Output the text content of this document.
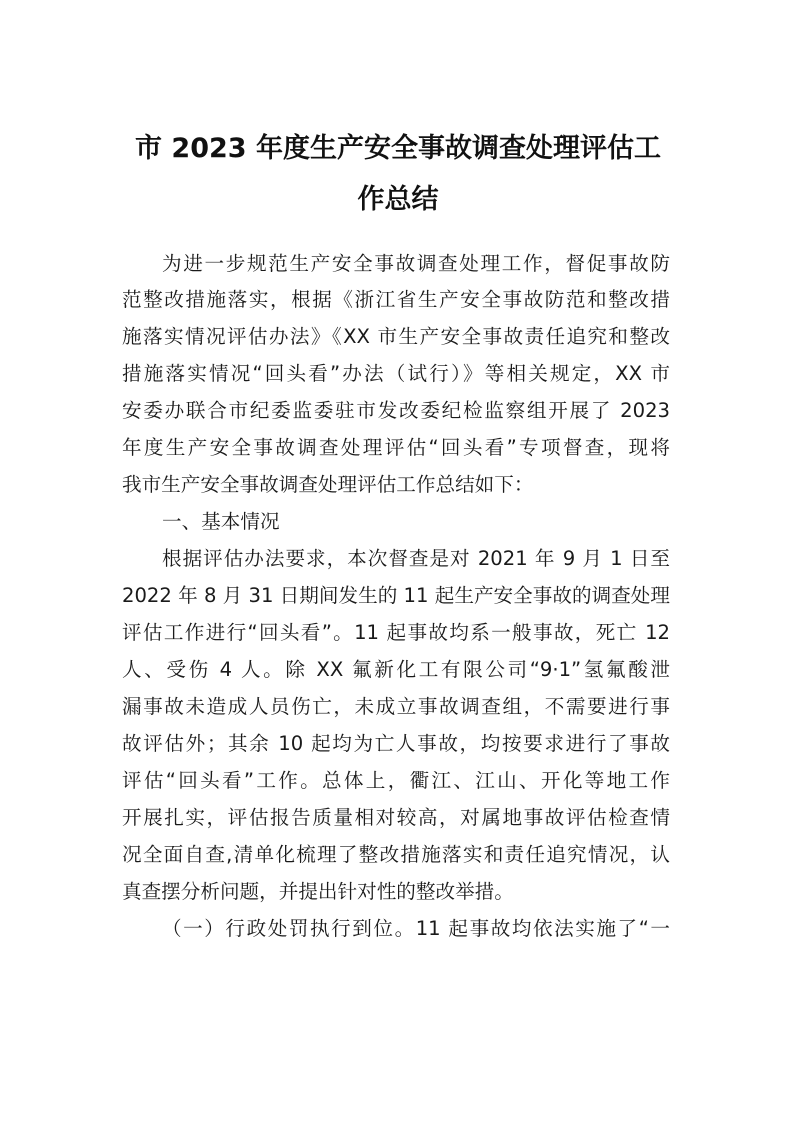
市 2023 年度生产安全事故调查处理评估工
作总结
为进一步规范生产安全事故调查处理工作，督促事故防
范整改措施落实，根据《浙江省生产安全事故防范和整改措
施落实情况评估办法》《XX 市生产安全事故责任追究和整改
措施落实情况“回头看”办法（试行）》等相关规定，XX 市
安委办联合市纪委监委驻市发改委纪检监察组开展了 2023
年度生产安全事故调查处理评估“回头看”专项督查，现将
我市生产安全事故调查处理评估工作总结如下：
一、基本情况
根据评估办法要求，本次督查是对 2021 年 9 月 1 日至
2022 年 8 月 31 日期间发生的 11 起生产安全事故的调查处理
评估工作进行“回头看”。11 起事故均系一般事故，死亡 12
人、受伤 4 人。除 XX 氟新化工有限公司“9·1”氢氟酸泄
漏事故未造成人员伤亡，未成立事故调查组，不需要进行事
故评估外；其余 10 起均为亡人事故，均按要求进行了事故
评估“回头看”工作。总体上，衢江、江山、开化等地工作
开展扎实，评估报告质量相对较高，对属地事故评估检查情
况全面自查,清单化梳理了整改措施落实和责任追究情况，认
真查摆分析问题，并提出针对性的整改举措。
（一）行政处罚执行到位。11 起事故均依法实施了“一
